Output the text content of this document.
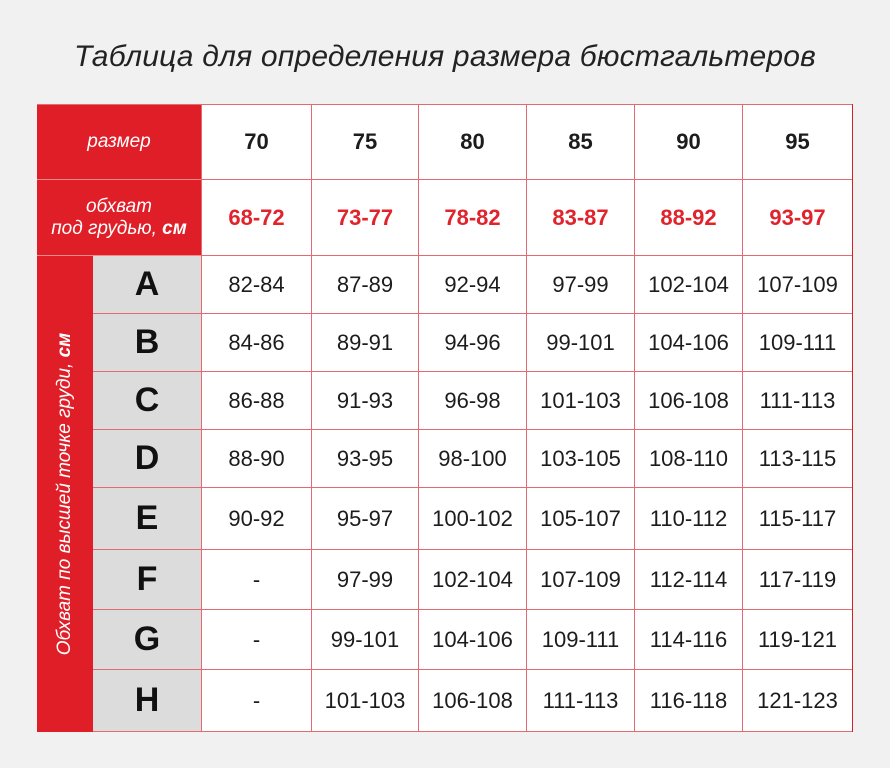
Таблица для определения размера бюстгальтеров
размер	70	75	80	85	90	95
обхват
под грудью, см	68-72	73-77	78-82	83-87	88-92	93-97
Обхват по высшей точке груди, см
A	82-84	87-89	92-94	97-99	102-104	107-109
B	84-86	89-91	94-96	99-101	104-106	109-111
C	86-88	91-93	96-98	101-103	106-108	111-113
D	88-90	93-95	98-100	103-105	108-110	113-115
E	90-92	95-97	100-102	105-107	110-112	115-117
F	-	97-99	102-104	107-109	112-114	117-119
G	-	99-101	104-106	109-111	114-116	119-121
H	-	101-103	106-108	111-113	116-118	121-123
